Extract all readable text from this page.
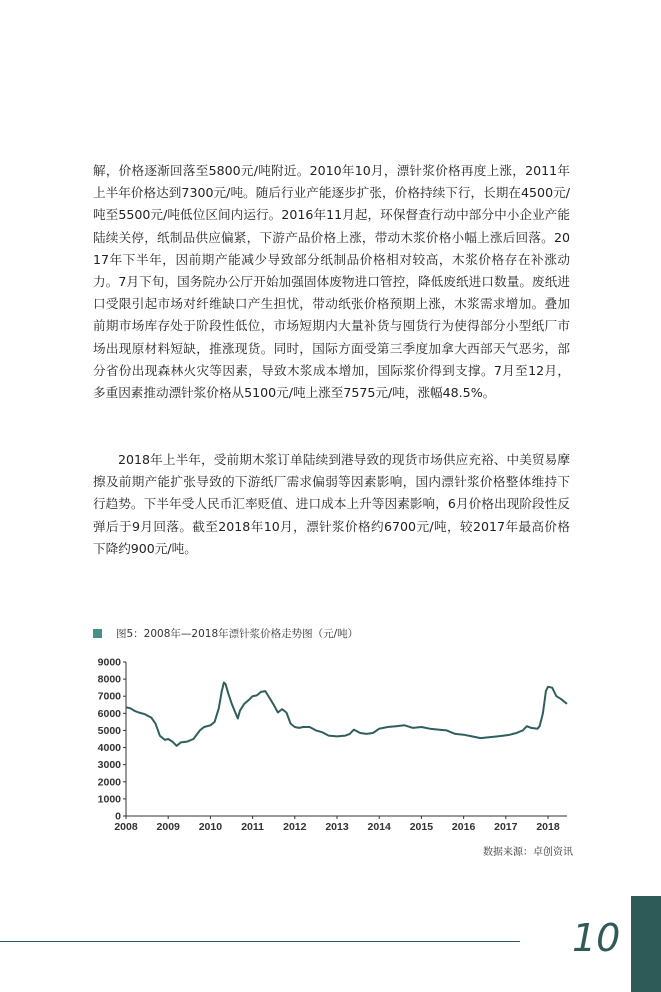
解，价格逐渐回落至5800元/吨附近。2010年10月，漂针浆价格再度上涨，2011年上半年价格达到7300元/吨。随后行业产能逐步扩张，价格持续下行，长期在4500元/吨至5500元/吨低位区间内运行。2016年11月起，环保督查行动中部分中小企业产能陆续关停，纸制品供应偏紧，下游产品价格上涨，带动木浆价格小幅上涨后回落。2017年下半年，因前期产能减少导致部分纸制品价格相对较高，木浆价格存在补涨动力。7月下旬，国务院办公厅开始加强固体废物进口管控，降低废纸进口数量。废纸进口受限引起市场对纤维缺口产生担忧，带动纸张价格预期上涨，木浆需求增加。叠加前期市场库存处于阶段性低位，市场短期内大量补货与囤货行为使得部分小型纸厂市场出现原材料短缺，推涨现货。同时，国际方面受第三季度加拿大西部天气恶劣，部分省份出现森林火灾等因素，导致木浆成本增加，国际浆价得到支撑。7月至12月，多重因素推动漂针浆价格从5100元/吨上涨至7575元/吨，涨幅48.5%。

2018年上半年，受前期木浆订单陆续到港导致的现货市场供应充裕、中美贸易摩擦及前期产能扩张导致的下游纸厂需求偏弱等因素影响，国内漂针浆价格整体维持下行趋势。下半年受人民币汇率贬值、进口成本上升等因素影响，6月价格出现阶段性反弹后于9月回落。截至2018年10月，漂针浆价格约6700元/吨，较2017年最高价格下降约900元/吨。

图5：2008年—2018年漂针浆价格走势图（元/吨）
0
1000
2000
3000
4000
5000
6000
7000
8000
9000
2008 2009 2010 2011 2012 2013 2014 2015 2016 2017 2018
数据来源：卓创资讯
10
